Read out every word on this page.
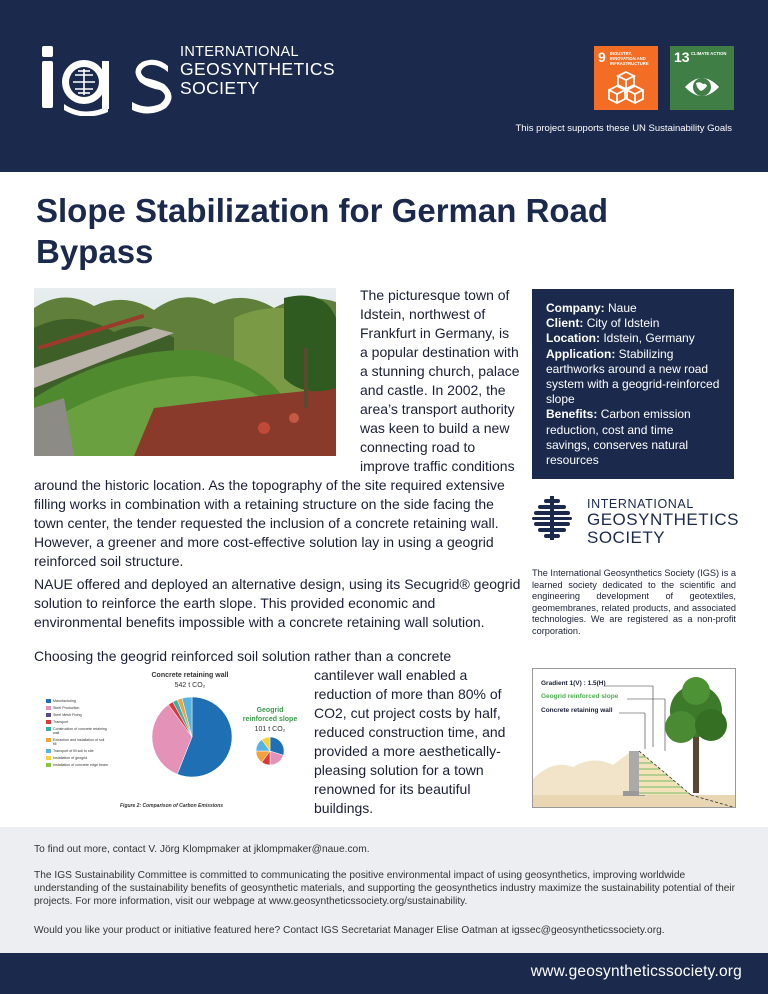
INTERNATIONAL
GEOSYNTHETICS
SOCIETY
9 INDUSTRY, INNOVATION AND INFRASTRUCTURE	13 CLIMATE ACTION
This project supports these UN Sustainability Goals
Slope Stabilization for German Road Bypass

The picturesque town of Idstein, northwest of Frankfurt in Germany, is a popular destination with a stunning church, palace and castle. In 2002, the area’s transport authority was keen to build a new connecting road to improve traffic conditions around the historic location. As the topography of the site required extensive filling works in combination with a retaining structure on the side facing the town center, the tender requested the inclusion of a concrete retaining wall. However, a greener and more cost-effective solution lay in using a geogrid reinforced soil structure.

NAUE offered and deployed an alternative design, using its Secugrid® geogrid solution to reinforce the earth slope. This provided economic and environmental benefits impossible with a concrete retaining wall solution.

Choosing the geogrid reinforced soil solution rather than a concrete

cantilever wall enabled a reduction of more than 80% of CO2, cut project costs by half, reduced construction time, and provided a more aesthetically-pleasing solution for a town renowned for its beautiful buildings.

Company: Naue
Client: City of Idstein
Location: Idstein, Germany
Application: Stabilizing earthworks around a new road system with a geogrid-reinforced slope
Benefits: Carbon emission reduction, cost and time savings, conserves natural resources
INTERNATIONAL
GEOSYNTHETICS
SOCIETY

The International Geosynthetics Society (IGS) is a learned society dedicated to the scientific and engineering development of geotextiles, geomembranes, related products, and associated technologies. We are registered as a non-profit corporation.

Concrete retaining wall
542 t CO₂
Geogrid
reinforced slope
101 t CO₂
Manufacturing
Steel Production
Steel Mesh Fixing
Transport
Construction of concrete retaining wall
Extraction and installation of soil fill
Transport of fill soil to site
Installation of geogrid
Installation of concrete edge beam
Figure 2: Comparison of Carbon Emissions
Gradient 1(V) : 1.5(H)
Geogrid reinforced slope
Concrete retaining wall

To find out more, contact V. Jörg Klompmaker at jklompmaker@naue.com.

The IGS Sustainability Committee is committed to communicating the positive environmental impact of using geosynthetics, improving worldwide understanding of the sustainability benefits of geosynthetic materials, and supporting the geosynthetics industry maximize the sustainability potential of their projects. For more information, visit our webpage at www.geosyntheticssociety.org/sustainability.

Would you like your product or initiative featured here? Contact IGS Secretariat Manager Elise Oatman at igssec@geosyntheticssociety.org.

www.geosyntheticssociety.org
